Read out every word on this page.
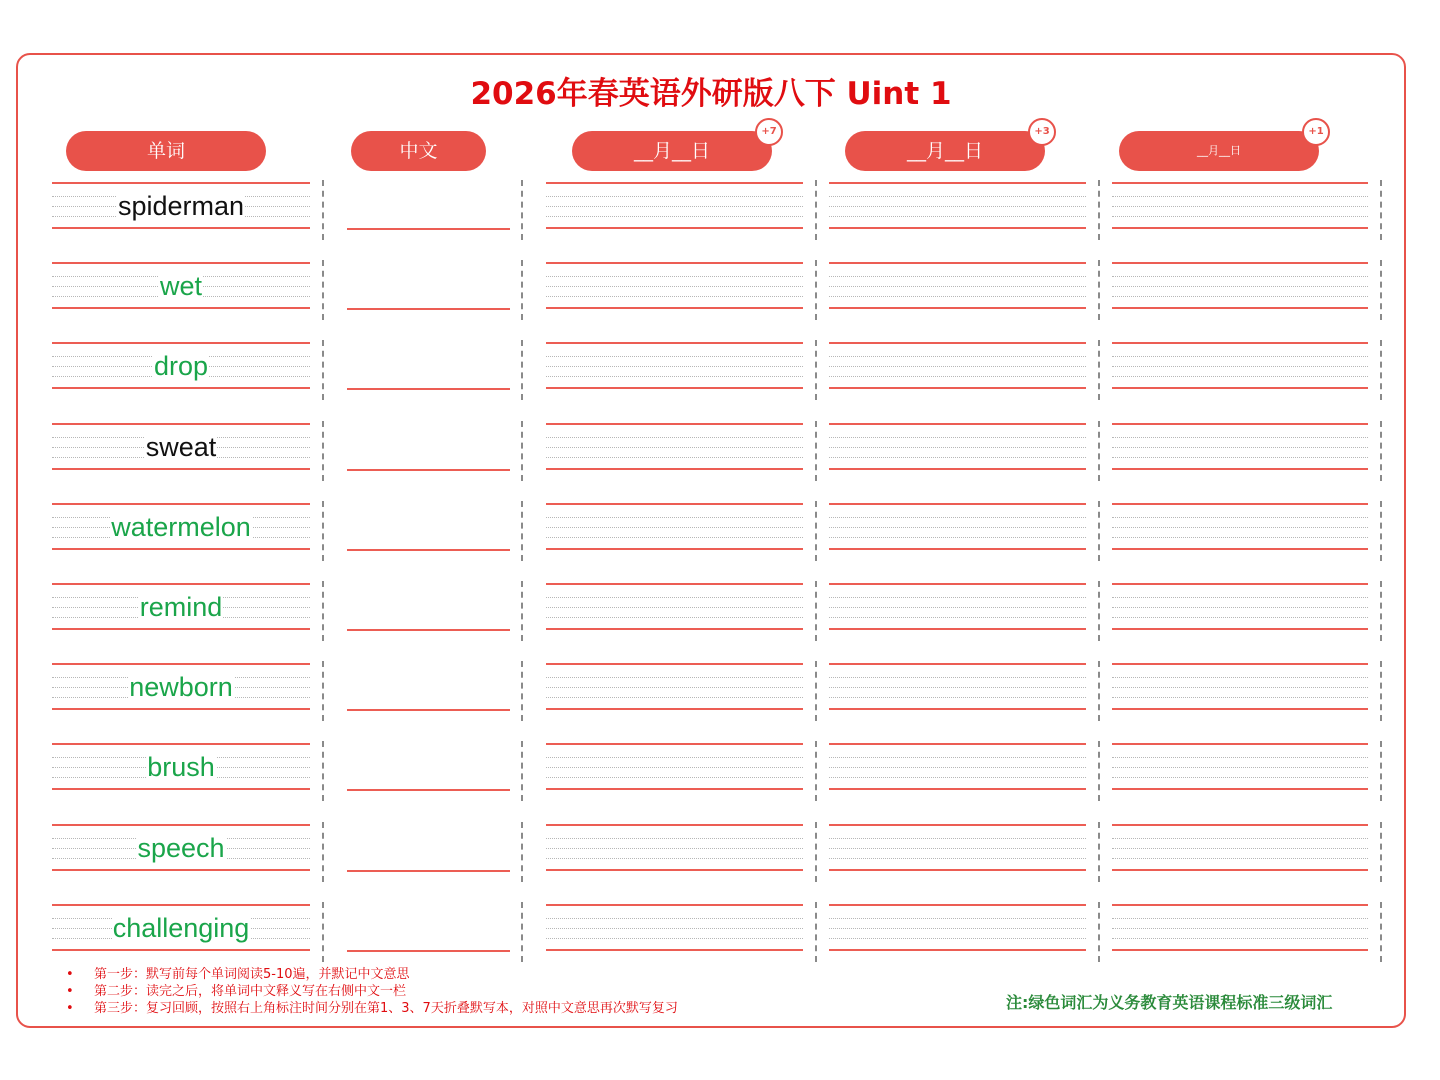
2026年春英语外研版八下 Uint 1
单词	中文	__月__日	__月__日	__月__日
+7	+3	+1
spiderman
wet
drop
sweat
watermelon
remind
newborn
brush
speech
challenging
• 第一步：默写前每个单词阅读5-10遍，并默记中文意思
• 第二步：读完之后，将单词中文释义写在右侧中文一栏
• 第三步：复习回顾，按照右上角标注时间分别在第1、3、7天折叠默写本，对照中文意思再次默写复习	注:绿色词汇为义务教育英语课程标准三级词汇
